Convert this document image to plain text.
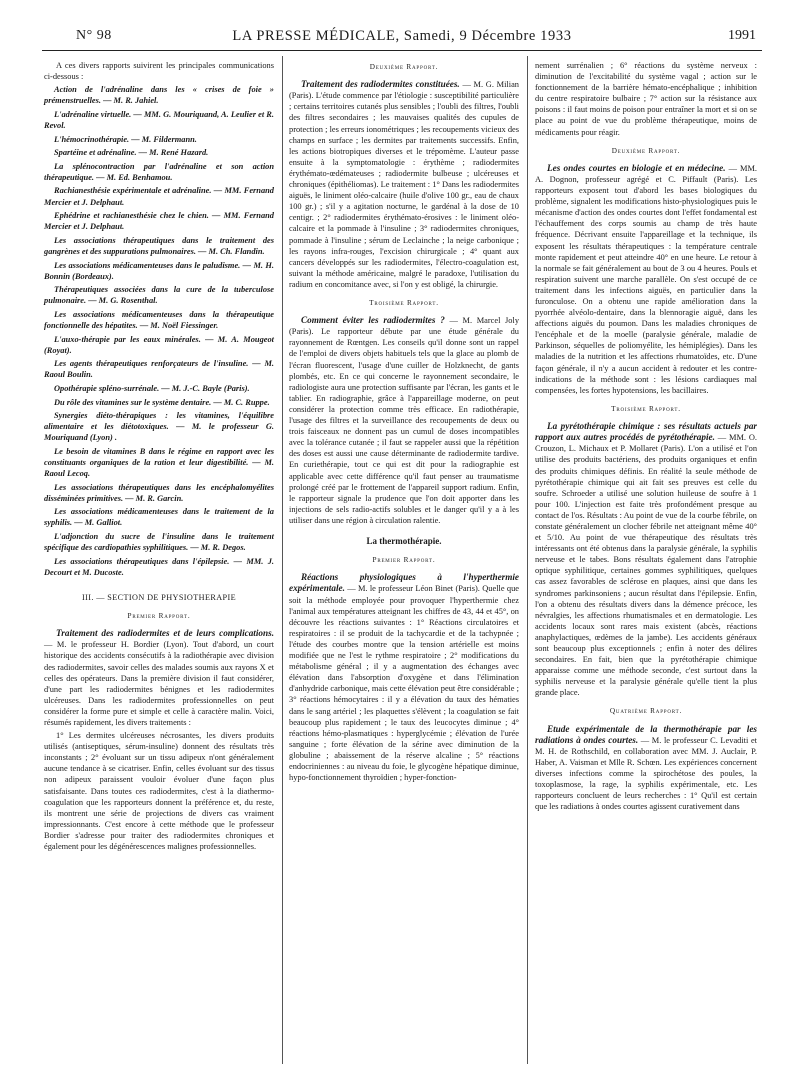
N° 98	LA PRESSE MÉDICALE, Samedi, 9 Décembre 1933	1991

A ces divers rapports suivirent les principales communications ci-dessous :

Action de l'adrénaline dans les « crises de foie » prémenstruelles. — M. R. Jahiel.

L'adrénaline virtuelle. — MM. G. Mouriquand, A. Leulier et R. Revol.

L'hémocrinothérapie. — M. Fildermann.

Spartéine et adrénaline. — M. René Hazard.

La splénocontraction par l'adrénaline et son action thérapeutique. — M. Ed. Benhamou.

Rachianesthésie expérimentale et adrénaline. — MM. Fernand Mercier et J. Delphaut.

Ephédrine et rachianesthésie chez le chien. — MM. Fernand Mercier et J. Delphaut.

Les associations thérapeutiques dans le traitement des gangrènes et des suppurations pulmonaires. — M. Ch. Flandin.

Les associations médicamenteuses dans le paludisme. — M. H. Bonnin (Bordeaux).

Thérapeutiques associées dans la cure de la tuberculose pulmonaire. — M. G. Rosenthal.

Les associations médicamenteuses dans la thérapeutique fonctionnelle des hépatites. — M. Noël Fiessinger.

L'auxo-thérapie par les eaux minérales. — M. A. Mougeot (Royat).

Les agents thérapeutiques renforçateurs de l'insuline. — M. Raoul Boulin.

Opothérapie spléno-surrénale. — M. J.-C. Bayle (Paris).

Du rôle des vitamines sur le système dentaire. — M. C. Ruppe.

Synergies diéto-thérapiques : les vitamines, l'équilibre alimentaire et les diétotoxiques. — M. le professeur G. Mouriquand (Lyon) .

Le besoin de vitamines B dans le régime en rapport avec les constituants organiques de la ration et leur digestibilité. — M. Raoul Lecoq.

Les associations thérapeutiques dans les encéphalomyélites disséminées primitives. — M. R. Garcin.

Les associations médicamenteuses dans le traitement de la syphilis. — M. Galliot.

L'adjonction du sucre de l'insuline dans le traitement spécifique des cardiopathies syphilitiques. — M. R. Degos.

Les associations thérapeutiques dans l'épilepsie. — MM. J. Decourt et M. Ducoste.

III. — SECTION DE PHYSIOTHERAPIE
Premier Rapport.

Traitement des radiodermites et de leurs complications. — M. le professeur H. Bordier (Lyon). Tout d'abord, un court historique des accidents consécutifs à la radiothérapie avec division des radiodermites, savoir celles des malades soumis aux rayons X et celles des opérateurs. Dans la première division il faut considérer, d'une part les radiodermites bénignes et les radiodermites ulcéreuses. Dans les radiodermites professionnelles on peut considérer la forme pure et simple et celle à caractère malin. Voici, résumés rapidement, les divers traitements :

1° Les dermites ulcéreuses nécrosantes, les divers produits utilisés (antiseptiques, sérum-insuline) donnent des résultats très inconstants ; 2° évoluant sur un tissu adipeux n'ont généralement aucune tendance à se cicatriser. Enfin, celles évoluant sur des tissus non adipeux paraissent vouloir évoluer d'une façon plus satisfaisante. Dans toutes ces radiodermites, c'est à la diathermo-coagulation que les rapporteurs donnent la préférence et, du reste, ils montrent une série de projections de divers cas vraiment impressionnants. C'est encore à cette méthode que le professeur Bordier s'adresse pour traiter des radiodermites chroniques et également pour les dégénérescences malignes professionnelles.

Deuxième Rapport.

Traitement des radiodermites constituées. — M. G. Milian (Paris). L'étude commence par l'étiologie : susceptibilité particulière ; certains territoires cutanés plus sensibles ; l'oubli des filtres, l'oubli des filtres secondaires ; les mauvaises qualités des cupules de protection ; les erreurs ionométriques ; les recoupements vicieux des champs en surface ; les dermites par traitements successifs. Enfin, les actions biotropiques diverses et le trépomème. L'auteur passe ensuite à la symptomatologie : érythème ; radiodermites érythémato-œdémateuses ; radiodermite bulbeuse ; ulcéreuses et chroniques (épithéliomas). Le traitement : 1° Dans les radiodermites aiguës, le liniment oléo-calcaire (huile d'olive 100 gr., eau de chaux 100 gr.) ; s'il y a agitation nocturne, le gardénal à la dose de 10 centigr. ; 2° radiodermites érythémato-érosives : le liniment oléo-calcaire et la pommade à l'insuline ; 3° radiodermites chroniques, pommade à l'insuline ; sérum de Leclainche ; la neige carbonique ; les rayons infra-rouges, l'excision chirurgicale ; 4° quant aux cancers développés sur les radiodermites, l'électro-coagulation est, suivant la méthode américaine, malgré le paradoxe, l'utilisation du radium en concomitance avec, si l'on y est obligé, la chirurgie.

Troisième Rapport.

Comment éviter les radiodermites ? — M. Marcel Joly (Paris). Le rapporteur débute par une étude générale du rayonnement de Rœntgen. Les conseils qu'il donne sont un rappel de l'emploi de divers objets habituels tels que la glace au plomb de l'écran fluorescent, l'usage d'une cuiller de Holzknecht, de gants plombés, etc. En ce qui concerne le rayonnement secondaire, le radiologiste aura une protection suffisante par l'écran, les gants et le tablier. En radiographie, grâce à l'appareillage moderne, on peut considérer la protection comme très efficace. En radiothérapie, l'usage des filtres et la surveillance des recoupements de deux ou trois faisceaux ne donnent pas un cumul de doses incompatibles avec la tolérance cutanée ; il faut se rappeler aussi que la répétition des doses est aussi une cause déterminante de radiodermite tardive. En curiethérapie, tout ce qui est dit pour la radiographie est applicable avec cette différence qu'il faut penser au traumatisme prolongé créé par le frottement de l'appareil support radium. Enfin, le rapporteur signale la prudence que l'on doit apporter dans les injections de sels radio-actifs solubles et le danger qu'il y a à les utiliser dans une région à circulation ralentie.

La thermothérapie.
Premier Rapport.

Réactions physiologiques à l'hyperthermie expérimentale. — M. le professeur Léon Binet (Paris). Quelle que soit la méthode employée pour provoquer l'hyperthermie chez l'animal aux températures atteignant les chiffres de 43, 44 et 45°, on découvre les réactions suivantes : 1° Réactions circulatoires et respiratoires : il se produit de la tachycardie et de la tachypnée ; l'étude des courbes montre que la tension artérielle est moins modifiée que ne l'est le rythme respiratoire ; 2° modifications du métabolisme général ; il y a augmentation des échanges avec élévation dans l'absorption d'oxygène et dans l'élimination d'anhydride carbonique, mais cette élévation peut être considérable ; 3° réactions hémocytaires : il y a élévation du taux des hématies dans le sang artériel ; les plaquettes s'élèvent ; la coagulation se fait beaucoup plus rapidement ; le taux des leucocytes diminue ; 4° réactions hémo-plasmatiques : hyperglycémie ; élévation de l'urée sanguine ; forte élévation de la sérine avec diminution de la globuline ; abaissement de la réserve alcaline ; 5° réactions endocriniennes : au niveau du foie, le glycogène hépatique diminue, hypo-fonctionnement thyroïdien ; hyper-fonction-

nement surrénalien ; 6° réactions du système nerveux : diminution de l'excitabilité du système vagal ; action sur le fonctionnement de la barrière hémato-encéphalique ; inhibition du centre respiratoire bulbaire ; 7° action sur la résistance aux poisons : il faut moins de poison pour entraîner la mort et si on se place au point de vue du problème thérapeutique, moins de médicaments pour réagir.

Deuxième Rapport.

Les ondes courtes en biologie et en médecine. — MM. A. Dognon, professeur agrégé et C. Piffault (Paris). Les rapporteurs exposent tout d'abord les bases biologiques du problème, signalent les modifications histo-physiologiques puis le mécanisme d'action des ondes courtes dont l'effet fondamental est l'échauffement des corps soumis au champ de très haute fréquence. Décrivant ensuite l'appareillage et la technique, ils exposent les résultats thérapeutiques : la température centrale monte rapidement et peut atteindre 40° en une heure. Le retour à la normale se fait généralement au bout de 3 ou 4 heures. Pouls et respiration suivent une marche parallèle. On s'est occupé de ce traitement dans les infections aiguës, en particulier dans la furonculose. On a obtenu une rapide amélioration dans la pyorrhée alvéolo-dentaire, dans la blennoragie aiguë, dans les affections aiguës du poumon. Dans les maladies chroniques de l'encéphale et de la moelle (paralysie générale, maladie de Parkinson, séquelles de poliomyélite, les hémiplégies). Dans les maladies de la nutrition et les affections rhumatoïdes, etc. D'une façon générale, il n'y a aucun accident à redouter et les contre-indications de la méthode sont : les lésions cardiaques mal compensées, les fortes hypotensions, les bacillaires.

Troisième Rapport.

La pyrétothérapie chimique : ses résultats actuels par rapport aux autres procédés de pyrétothérapie. — MM. O. Crouzon, L. Michaux et P. Mollaret (Paris). L'on a utilisé et l'on utilise des produits bactériens, des produits organiques et enfin des produits chimiques définis. En réalité la seule méthode de pyrétothérapie chimique qui ait fait ses preuves est celle du soufre. Schroeder a utilisé une solution huileuse de soufre à 1 pour 100. L'injection est faite très profondément presque au contact de l'os. Résultats : Au point de vue de la courbe fébrile, on constate généralement un clocher fébrile net atteignant même 40° et 5/10. Au point de vue thérapeutique des résultats très intéressants ont été obtenus dans la paralysie générale, la syphilis nerveuse et le tabes. Bons résultats également dans l'atrophie optique syphilitique, certaines gommes syphilitiques, quelques cas assez favorables de sclérose en plaques, ainsi que dans les syndromes parkinsoniens ; aucun résultat dans l'épilepsie. Enfin, l'on a obtenu des résultats divers dans la démence précoce, les névralgies, les affections rhumatismales et en dermatologie. Les accidents locaux sont rares mais existent (abcès, réactions anaphylactiques, œdèmes de la jambe). Les accidents généraux sont beaucoup plus exceptionnels ; enfin à noter des délires secondaires. En fait, bien que la pyrétothérapie chimique apparaisse comme une méthode seconde, c'est surtout dans la syphilis nerveuse et la paralysie générale qu'elle tient la plus grande place.

Quatrième Rapport.

Etude expérimentale de la thermothérapie par les radiations à ondes courtes. — M. le professeur C. Levaditi et M. H. de Rothschild, en collaboration avec MM. J. Auclair, P. Haber, A. Vaisman et Mlle R. Schœn. Les expériences concernent diverses infections comme la spirochétose des poules, la toxoplasmose, la rage, la syphilis expérimentale, etc. Les rapporteurs concluent de leurs recherches : 1° Qu'il est certain que les radiations à ondes courtes agissent curativement dans
